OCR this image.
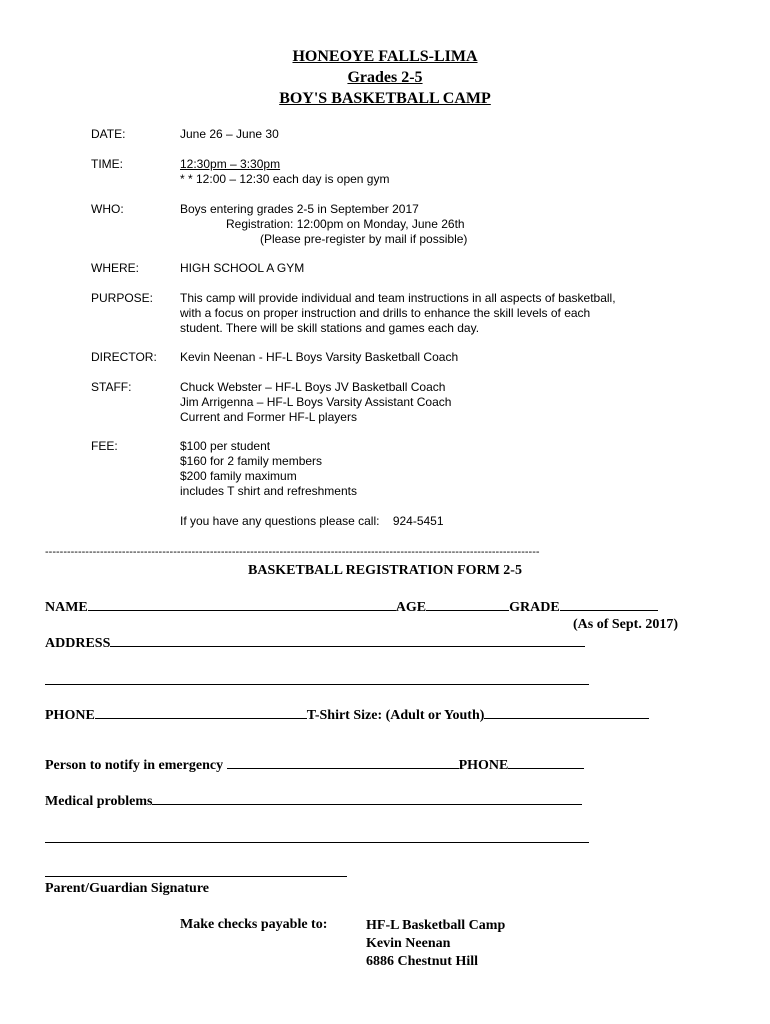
HONEOYE FALLS-LIMA
Grades 2-5
BOY'S BASKETBALL CAMP
DATE:	June 26 – June 30
TIME:	12:30pm – 3:30pm
* * 12:00 – 12:30 each day is open gym
WHO:	Boys entering grades 2-5 in September 2017
Registration: 12:00pm on Monday, June 26th
(Please pre-register by mail if possible)
WHERE:	HIGH SCHOOL A GYM
PURPOSE:	This camp will provide individual and team instructions in all aspects of basketball,
with a focus on proper instruction and drills to enhance the skill levels of each
student. There will be skill stations and games each day.
DIRECTOR:	Kevin Neenan - HF-L Boys Varsity Basketball Coach
STAFF:	Chuck Webster – HF-L Boys JV Basketball Coach
Jim Arrigenna – HF-L Boys Varsity Assistant Coach
Current and Former HF-L players
FEE:	$100 per student
$160 for 2 family members
$200 family maximum
includes T shirt and refreshments
If you have any questions please call: 924-5451
---------------------------------------------------------------------------------------------------------------------------------------
BASKETBALL REGISTRATION FORM 2-5
NAME	AGE	GRADE
(As of Sept. 2017)
ADDRESS
PHONE	T-Shirt Size: (Adult or Youth)
Person to notify in emergency	PHONE
Medical problems
Parent/Guardian Signature
Make checks payable to:	HF-L Basketball Camp
Kevin Neenan
6886 Chestnut Hill
